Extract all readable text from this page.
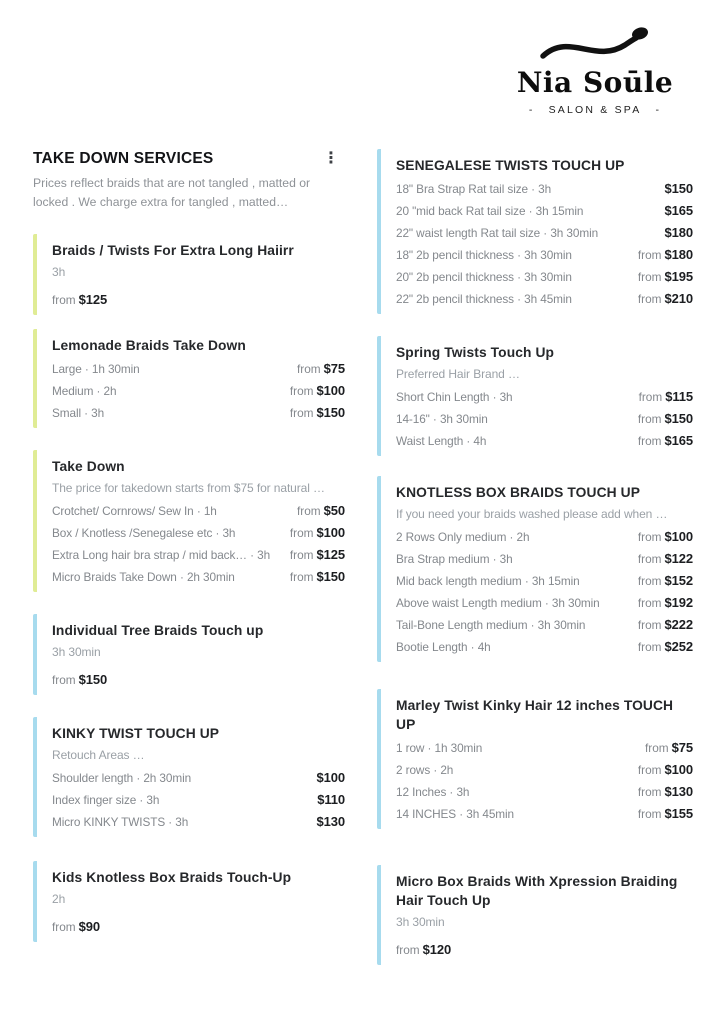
Nia Soūle
- SALON & SPA -
TAKE DOWN SERVICES	⋮
Prices reflect braids that are not tangled , matted or locked . We charge extra for tangled , matted…
Braids / Twists For Extra Long Haiirr
3h
from $125
Lemonade Braids Take Down
Large · 1h 30min	from $75
Medium · 2h	from $100
Small · 3h	from $150
Take Down
The price for takedown starts from $75 for natural …
Crotchet/ Cornrows/ Sew In · 1h	from $50
Box / Knotless /Senegalese etc · 3h	from $100
Extra Long hair bra strap / mid back… · 3h from $125
Micro Braids Take Down · 2h 30min	from $150
Individual Tree Braids Touch up
3h 30min
from $150
KINKY TWIST TOUCH UP
Retouch Areas …
Shoulder length · 2h 30min	$100
Index finger size · 3h	$110
Micro KINKY TWISTS · 3h	$130
Kids Knotless Box Braids Touch-Up
2h
from $90
SENEGALESE TWISTS TOUCH UP
18" Bra Strap Rat tail size · 3h	$150
20 "mid back Rat tail size · 3h 15min	$165
22" waist length Rat tail size · 3h 30min	$180
18" 2b pencil thickness · 3h 30min	from $180
20" 2b pencil thickness · 3h 30min	from $195
22" 2b pencil thickness · 3h 45min	from $210
Spring Twists Touch Up
Preferred Hair Brand …
Short Chin Length · 3h	from $115
14-16" · 3h 30min	from $150
Waist Length · 4h	from $165
KNOTLESS BOX BRAIDS TOUCH UP
If you need your braids washed please add when …
2 Rows Only medium · 2h	from $100
Bra Strap medium · 3h	from $122
Mid back length medium · 3h 15min	from $152
Above waist Length medium · 3h 30min	from $192
Tail-Bone Length medium · 3h 30min	from $222
Bootie Length · 4h	from $252
Marley Twist Kinky Hair 12 inches TOUCH UP
1 row · 1h 30min	from $75
2 rows · 2h	from $100
12 Inches · 3h	from $130
14 INCHES · 3h 45min	from $155
Micro Box Braids With Xpression Braiding Hair Touch Up
3h 30min
from $120
